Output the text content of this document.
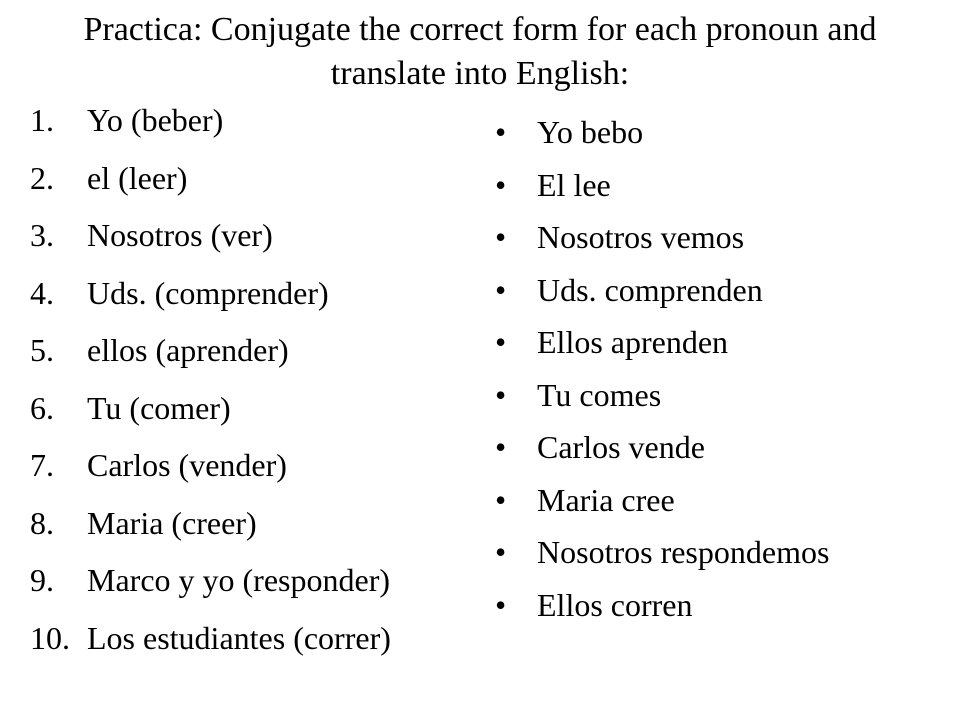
Practica: Conjugate the correct form for each pronoun and translate into English:
1. Yo (beber)
2. el (leer)
3. Nosotros (ver)
4. Uds. (comprender)
5. ellos (aprender)
6. Tu (comer)
7. Carlos (vender)
8. Maria (creer)
9. Marco y yo (responder)
10. Los estudiantes (correr)
• Yo bebo
• El lee
• Nosotros vemos
• Uds. comprenden
• Ellos aprenden
• Tu comes
• Carlos vende
• Maria cree
• Nosotros respondemos
• Ellos corren
